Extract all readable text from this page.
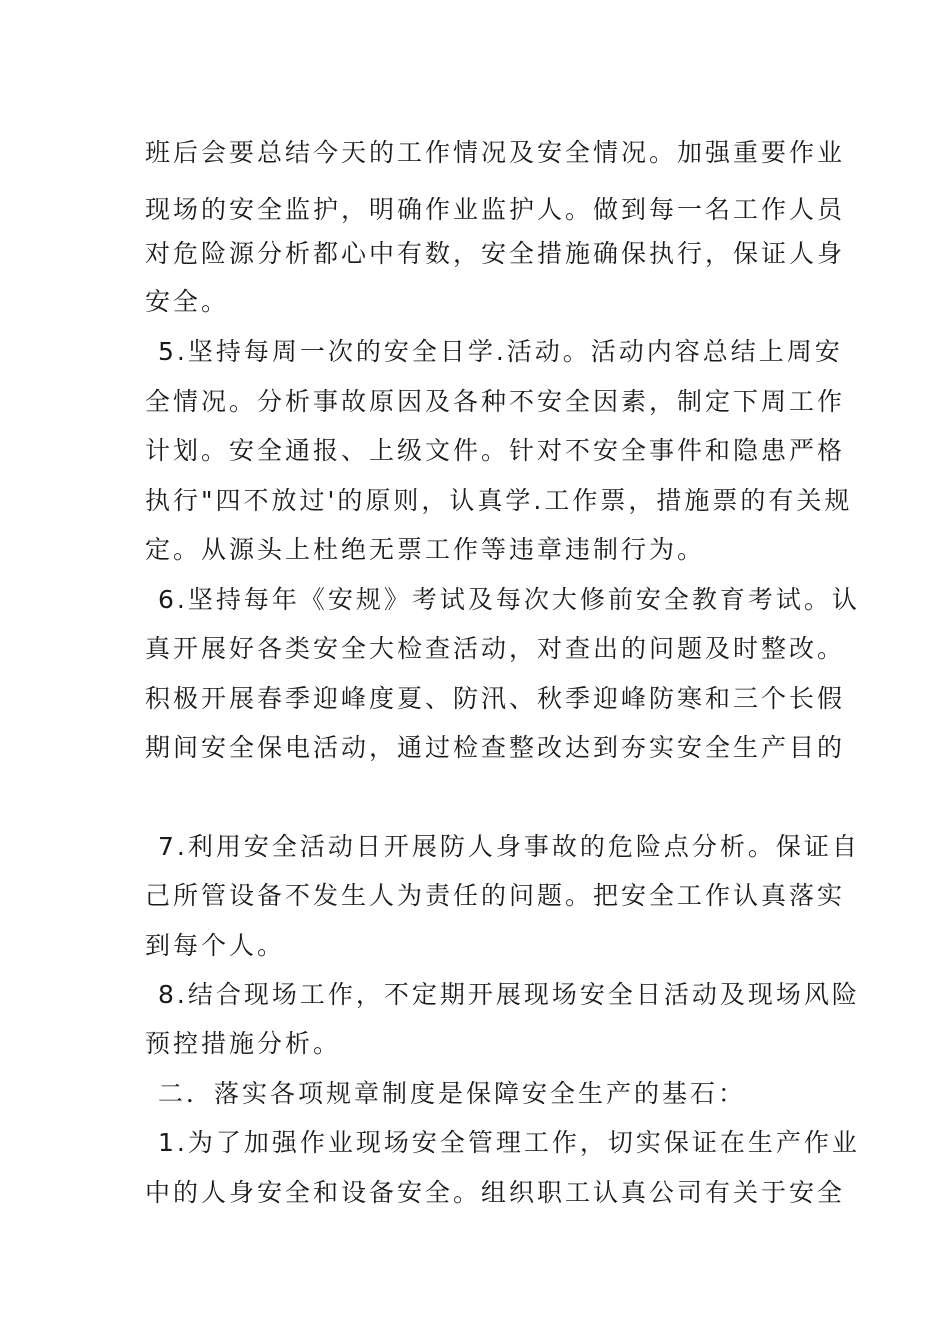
班后会要总结今天的工作情况及安全情况。加强重要作业
现场的安全监护，明确作业监护人。做到每一名工作人员
对危险源分析都心中有数，安全措施确保执行，保证人身
安全。
5.坚持每周一次的安全日学.活动。活动内容总结上周安
全情况。分析事故原因及各种不安全因素，制定下周工作
计划。安全通报、上级文件。针对不安全事件和隐患严格
执行"四不放过'的原则，认真学.工作票，措施票的有关规
定。从源头上杜绝无票工作等违章违制行为。
6.坚持每年《安规》考试及每次大修前安全教育考试。认
真开展好各类安全大检查活动，对查出的问题及时整改。
积极开展春季迎峰度夏、防汛、秋季迎峰防寒和三个长假
期间安全保电活动，通过检查整改达到夯实安全生产目的
7.利用安全活动日开展防人身事故的危险点分析。保证自
己所管设备不发生人为责任的问题。把安全工作认真落实
到每个人。
8.结合现场工作，不定期开展现场安全日活动及现场风险
预控措施分析。
二．落实各项规章制度是保障安全生产的基石：
1.为了加强作业现场安全管理工作，切实保证在生产作业
中的人身安全和设备安全。组织职工认真公司有关于安全
